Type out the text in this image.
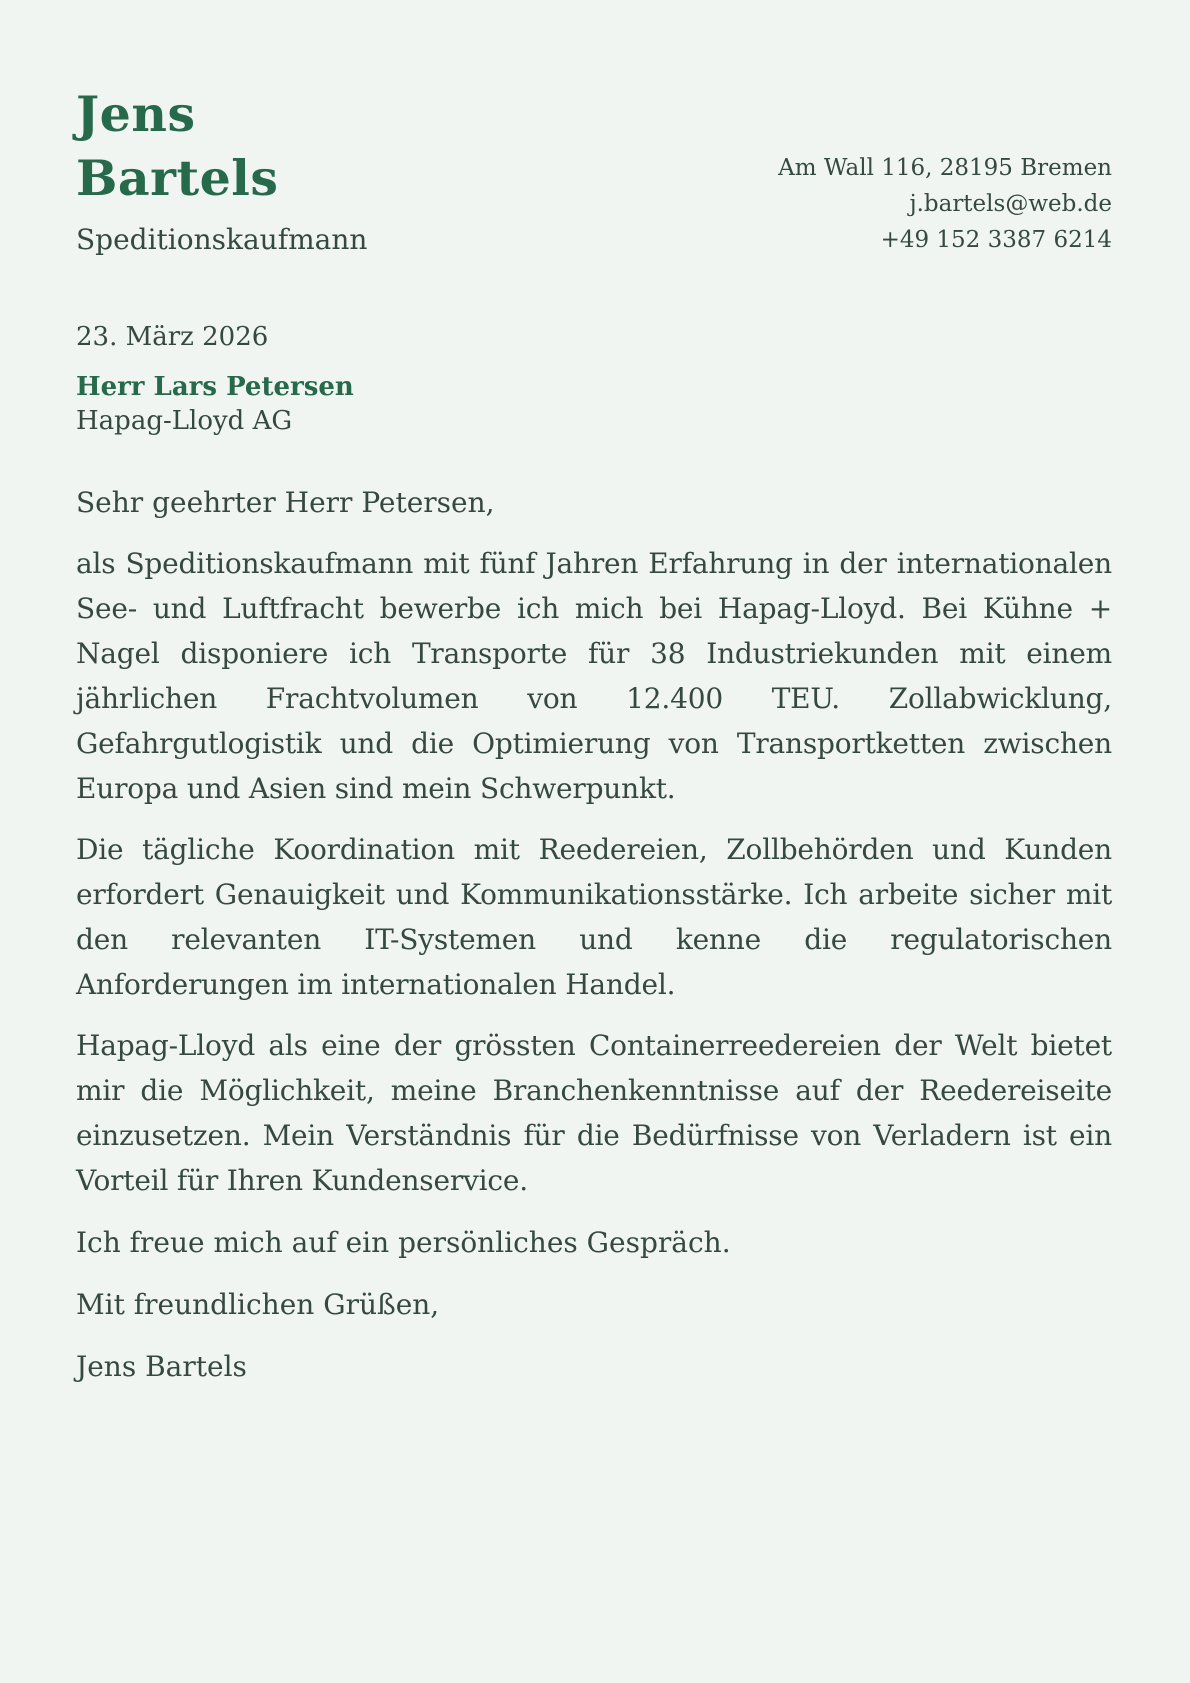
Jens
Bartels
Speditionskaufmann
Am Wall 116, 28195 Bremen
j.bartels@web.de
+49 152 3387 6214
23. März 2026
Herr Lars Petersen
Hapag-Lloyd AG

Sehr geehrter Herr Petersen,

als Speditionskaufmann mit fünf Jahren Erfahrung in der internationalen See- und Luftfracht bewerbe ich mich bei Hapag-Lloyd. Bei Kühne + Nagel disponiere ich Transporte für 38 Industriekunden mit einem jährlichen Frachtvolumen von 12.400 TEU. Zollabwicklung, Gefahrgutlogistik und die Optimierung von Transportketten zwischen Europa und Asien sind mein Schwerpunkt.

Die tägliche Koordination mit Reedereien, Zollbehörden und Kunden erfordert Genauigkeit und Kommunikationsstärke. Ich arbeite sicher mit den relevanten IT-Systemen und kenne die regulatorischen Anforderungen im internationalen Handel.

Hapag-Lloyd als eine der grössten Containerreedereien der Welt bietet mir die Möglichkeit, meine Branchenkenntnisse auf der Reedereiseite einzusetzen. Mein Verständnis für die Bedürfnisse von Verladern ist ein Vorteil für Ihren Kundenservice.

Ich freue mich auf ein persönliches Gespräch.

Mit freundlichen Grüßen,

Jens Bartels
